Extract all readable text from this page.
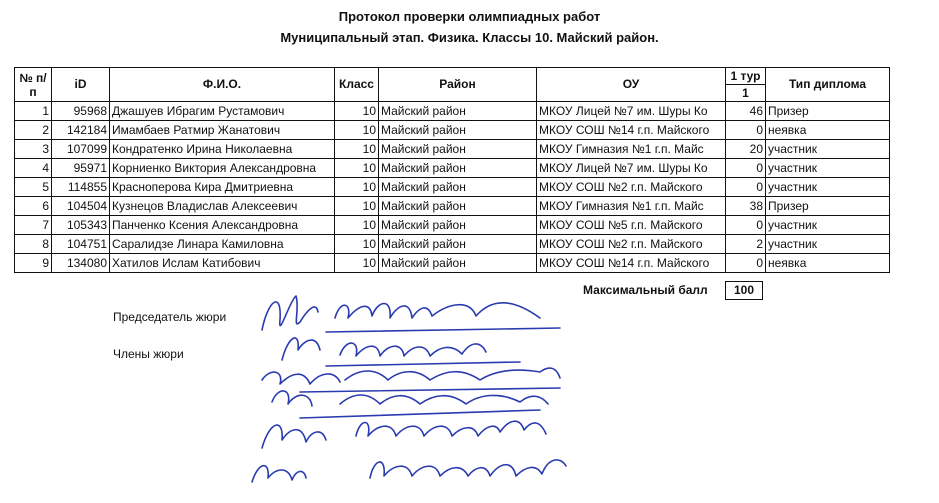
Протокол проверки олимпиадных работ
Муниципальный этап. Физика. Классы 10. Майский район.
№ п/п	iD	Ф.И.О.	Класс	Район	ОУ	1 тур	Тип диплома
						1	
1	95968	Джашуев Ибрагим Рустамович	10	Майский район	МКОУ Лицей №7 им. Шуры Ко	46	Призер
2	142184	Имамбаев Ратмир Жанатович	10	Майский район	МКОУ СОШ №14 г.п. Майского	0	неявка
3	107099	Кондратенко Ирина Николаевна	10	Майский район	МКОУ Гимназия №1 г.п. Майс	20	участник
4	95971	Корниенко Виктория Александровна	10	Майский район	МКОУ Лицей №7 им. Шуры Ко	0	участник
5	114855	Красноперова Кира Дмитриевна	10	Майский район	МКОУ СОШ №2 г.п. Майского	0	участник
6	104504	Кузнецов Владислав Алексеевич	10	Майский район	МКОУ Гимназия №1 г.п. Майс	38	Призер
7	105343	Панченко Ксения Александровна	10	Майский район	МКОУ СОШ №5 г.п. Майского	0	участник
8	104751	Саралидзе Линара Камиловна	10	Майский район	МКОУ СОШ №2 г.п. Майского	2	участник
9	134080	Хатилов Ислам Катибович	10	Майский район	МКОУ СОШ №14 г.п. Майского	0	неявка
Максимальный балл	100
Председатель жюри
Члены жюри
